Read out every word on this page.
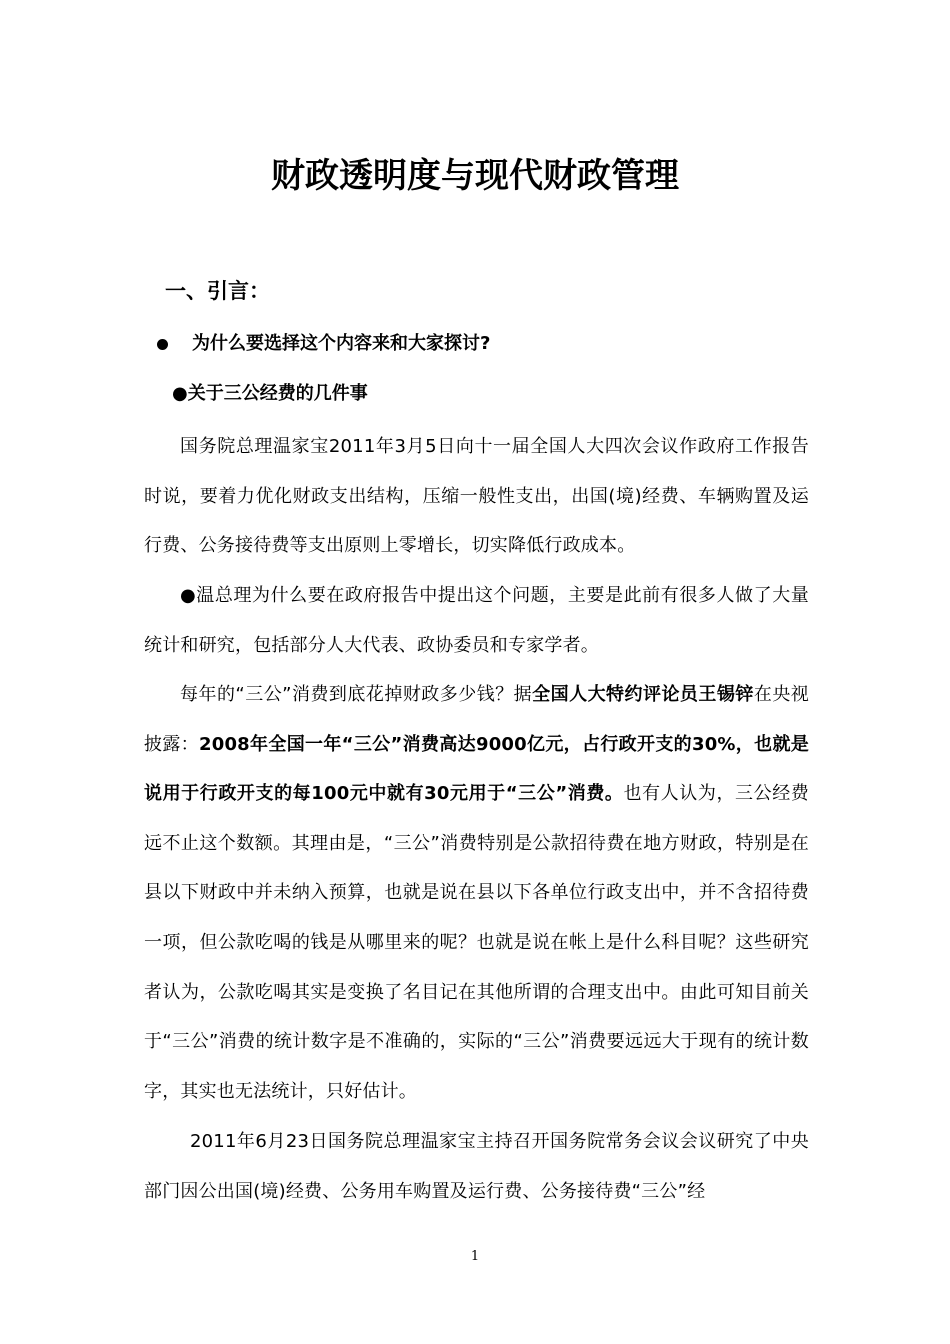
财政透明度与现代财政管理
一、引言：
为什么要选择这个内容来和大家探讨?
●关于三公经费的几件事

国务院总理温家宝2011年3月5日向十一届全国人大四次会议作政府工作报告时说，要着力优化财政支出结构，压缩一般性支出，出国(境)经费、车辆购置及运行费、公务接待费等支出原则上零增长，切实降低行政成本。

●温总理为什么要在政府报告中提出这个问题，主要是此前有很多人做了大量统计和研究，包括部分人大代表、政协委员和专家学者。

每年的“三公”消费到底花掉财政多少钱？据全国人大特约评论员王锡锌在央视披露：2008年全国一年“三公”消费高达9000亿元，占行政开支的30%，也就是说用于行政开支的每100元中就有30元用于“三公”消费。也有人认为，三公经费远不止这个数额。其理由是，“三公”消费特别是公款招待费在地方财政，特别是在县以下财政中并未纳入预算，也就是说在县以下各单位行政支出中，并不含招待费一项，但公款吃喝的钱是从哪里来的呢？也就是说在帐上是什么科目呢？这些研究者认为，公款吃喝其实是变换了名目记在其他所谓的合理支出中。由此可知目前关于“三公”消费的统计数字是不准确的，实际的“三公”消费要远远大于现有的统计数字，其实也无法统计，只好估计。

2011年6月23日国务院总理温家宝主持召开国务院常务会议会议研究了中央部门因公出国(境)经费、公务用车购置及运行费、公务接待费“三公”经

1
